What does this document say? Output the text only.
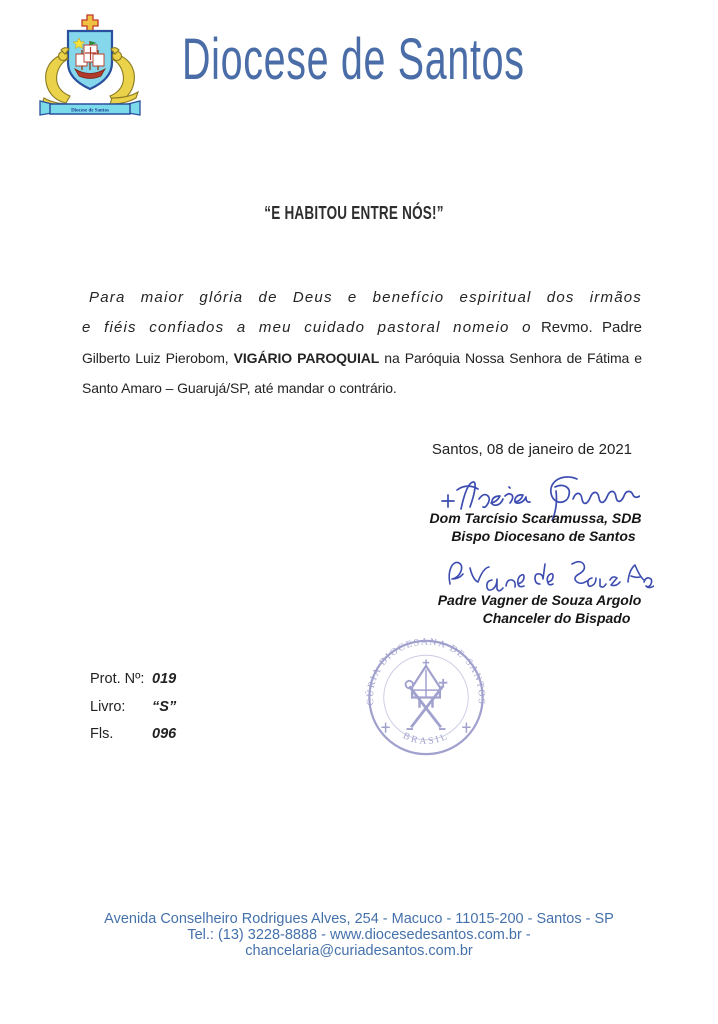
Diocese de Santos
Diocese de Santos
“E HABITOU ENTRE NÓS!”
Para maior glória de Deus e benefício espiritual dos irmãos
e fiéis confiados a meu cuidado pastoral nomeio o Revmo. Padre
Gilberto Luiz Pierobom, VIGÁRIO PAROQUIAL na Paróquia Nossa Senhora de Fátima e
Santo Amaro – Guarujá/SP, até mandar o contrário.
Santos, 08 de janeiro de 2021
Dom Tarcísio Scaramussa, SDB
Bispo Diocesano de Santos
Padre Vagner de Souza Argolo
Chanceler do Bispado
Prot. Nº: 019
Livro: “S”
Fls.	096
CÚRIA DIOCESANA DE SANTOS
BRASIL
Avenida Conselheiro Rodrigues Alves, 254 - Macuco - 11015-200 - Santos - SP
Tel.: (13) 3228-8888 - www.diocesedesantos.com.br -
chancelaria@curiadesantos.com.br
